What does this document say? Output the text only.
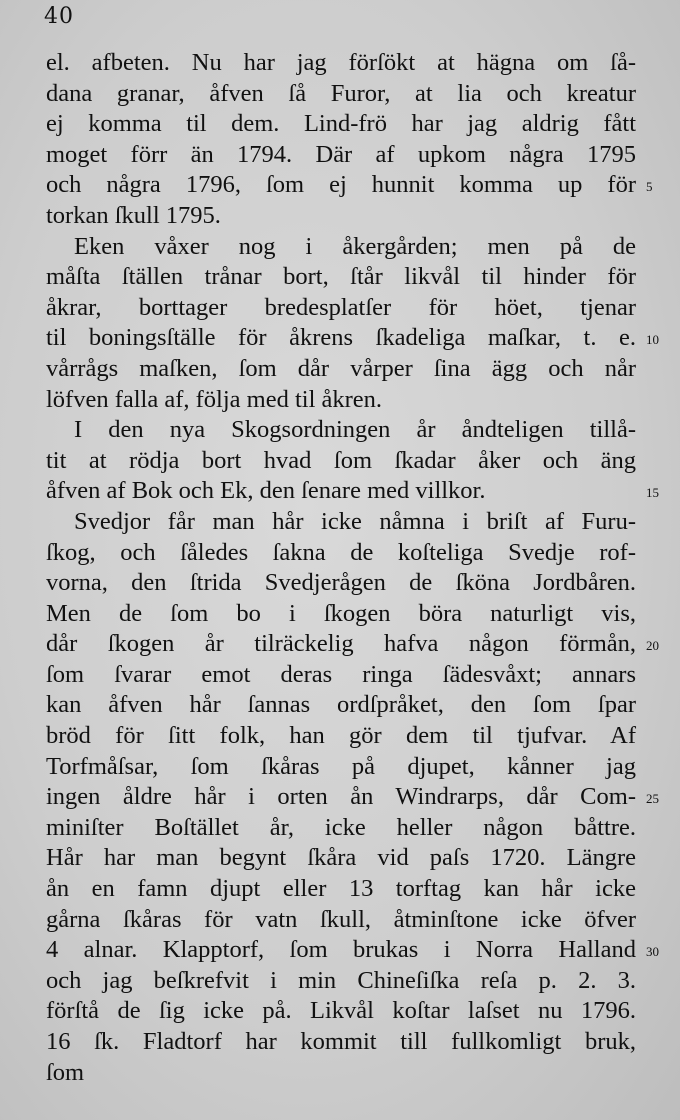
40
el. afbeten. Nu har jag förſökt at hägna om ſå-
dana granar, åfven ſå Furor, at lia och kreatur
ej komma til dem. Lind-frö har jag aldrig fått
moget förr än 1794. Där af upkom några 1795
och några 1796, ſom ej hunnit komma up för 5
torkan ſkull 1795.
Eken våxer nog i åkergården; men på de
måſta ſtällen trånar bort, ſtår likvål til hinder för
åkrar, borttager bredesplatſer för höet, tjenar
til boningsſtälle för åkrens ſkadeliga maſkar, t. e. 10
vårrågs maſken, ſom dår vårper ſina ägg och når
löfven falla af, följa med til åkren.
I den nya Skogsordningen år åndteligen tillå-
tit at rödja bort hvad ſom ſkadar åker och äng
åfven af Bok och Ek, den ſenare med villkor.	15
Svedjor får man hår icke nåmna i briſt af Furu-
ſkog, och ſåledes ſakna de koſteliga Svedje rof-
vorna, den ſtrida Svedjerågen de ſköna Jordbåren.
Men de ſom bo i ſkogen böra naturligt vis,
dår ſkogen år tilräckelig hafva någon förmån, 20
ſom ſvarar emot deras ringa ſädesvåxt; annars
kan åfven hår ſannas ordſpråket, den ſom ſpar
bröd för ſitt folk, han gör dem til tjufvar. Af
Torfmåſsar, ſom ſkåras på djupet, kånner jag
ingen åldre hår i orten ån Windrarps, dår Com- 25
miniſter Boſtället år, icke heller någon båttre.
Hår har man begynt ſkåra vid paſs 1720. Längre
ån en famn djupt eller 13 torftag kan hår icke
gårna ſkåras för vatn ſkull, åtminſtone icke öfver
4 alnar. Klapptorf, ſom brukas i Norra Halland 30
och jag beſkrefvit i min Chineſiſka reſa p. 2. 3.
förſtå de ſig icke på. Likvål koſtar laſset nu 1796.
16 ſk. Fladtorf har kommit till fullkomligt bruk,
ſom
